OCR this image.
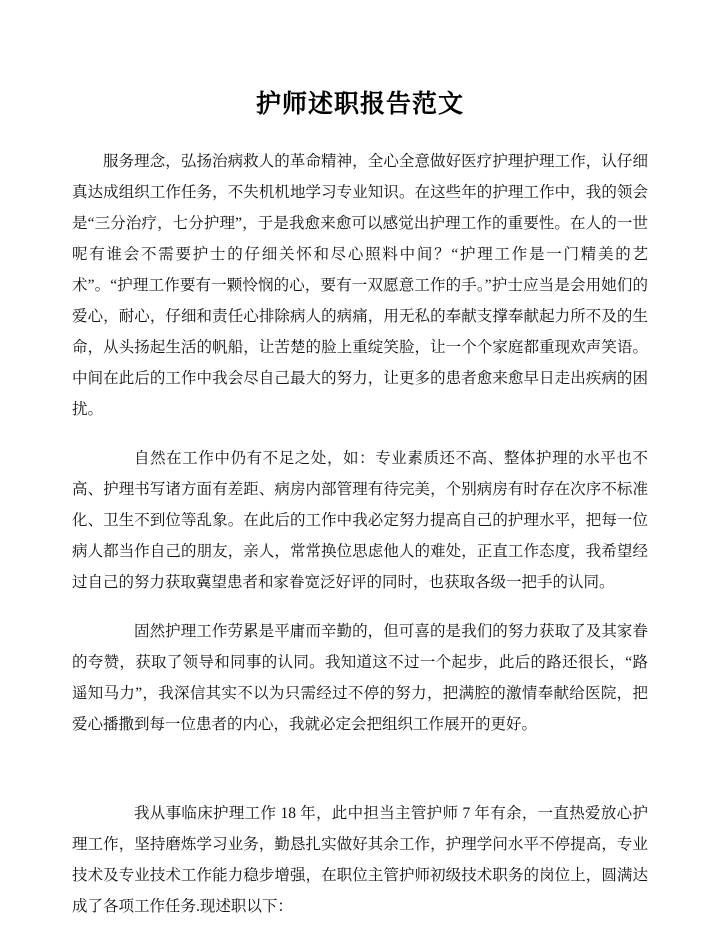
护师述职报告范文

服务理念，弘扬治病救人的革命精神，全心全意做好医疗护理护理工作，认仔细真达成组织工作任务，不失机机地学习专业知识。在这些年的护理工作中，我的领会是“三分治疗，七分护理”，于是我愈来愈可以感觉出护理工作的重要性。在人的一世呢有谁会不需要护士的仔细关怀和尽心照料中间？“护理工作是一门精美的艺术”。“护理工作要有一颗怜悯的心，要有一双愿意工作的手。”护士应当是会用她们的爱心，耐心，仔细和责任心排除病人的病痛，用无私的奉献支撑奉献起力所不及的生命，从头扬起生活的帆船，让苦楚的脸上重绽笑脸，让一个个家庭都重现欢声笑语。中间在此后的工作中我会尽自己最大的努力，让更多的患者愈来愈早日走出疾病的困扰。

自然在工作中仍有不足之处，如：专业素质还不高、整体护理的水平也不高、护理书写诸方面有差距、病房内部管理有待完美，个别病房有时存在次序不标准化、卫生不到位等乱象。在此后的工作中我必定努力提高自己的护理水平，把每一位病人都当作自己的朋友，亲人，常常换位思虑他人的难处，正直工作态度，我希望经过自己的努力获取冀望患者和家眷宽泛好评的同时，也获取各级一把手的认同。

固然护理工作劳累是平庸而辛勤的，但可喜的是我们的努力获取了及其家眷的夸赞，获取了领导和同事的认同。我知道这不过一个起步，此后的路还很长，“路遥知马力”，我深信其实不以为只需经过不停的努力，把满腔的激情奉献给医院，把爱心播撒到每一位患者的内心，我就必定会把组织工作展开的更好。

我从事临床护理工作 18 年，此中担当主管护师 7 年有余，一直热爱放心护理工作，坚持磨炼学习业务，勤恳扎实做好其余工作，护理学问水平不停提高，专业技术及专业技术工作能力稳步增强，在职位主管护师初级技术职务的岗位上，圆满达成了各项工作任务.现述职以下：
